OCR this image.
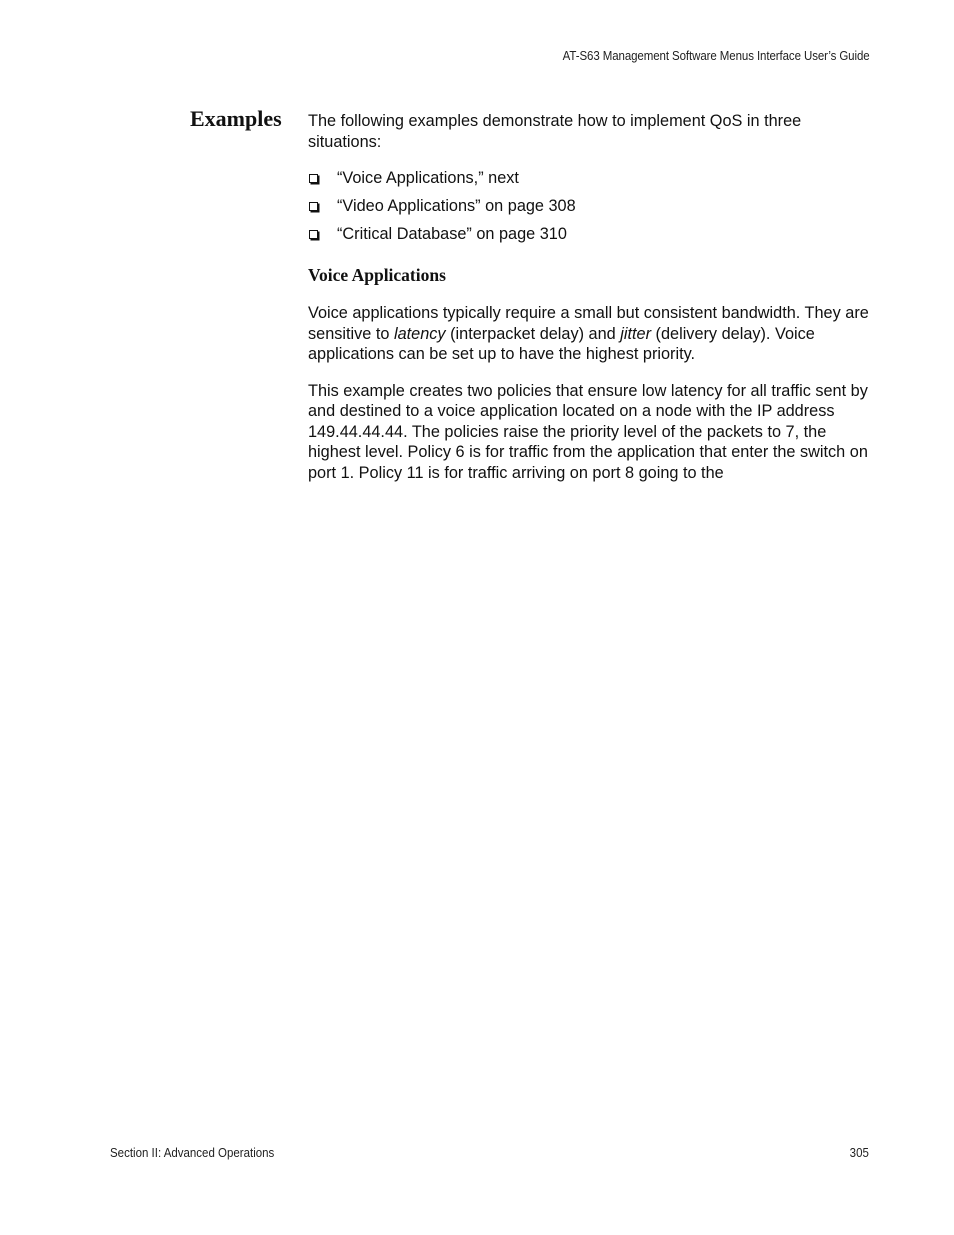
AT-S63 Management Software Menus Interface User’s Guide
Examples The following examples demonstrate how to implement QoS in three situations:

“Voice Applications,” next
“Video Applications” on page 308
“Critical Database” on page 310
Voice Applications

Voice applications typically require a small but consistent bandwidth. They are sensitive to latency (interpacket delay) and jitter (delivery delay). Voice applications can be set up to have the highest priority.

This example creates two policies that ensure low latency for all traffic sent by and destined to a voice application located on a node with the IP address 149.44.44.44. The policies raise the priority level of the packets to 7, the highest level. Policy 6 is for traffic from the application that enter the switch on port 1. Policy 11 is for traffic arriving on port 8 going to the

Section II: Advanced Operations	305
